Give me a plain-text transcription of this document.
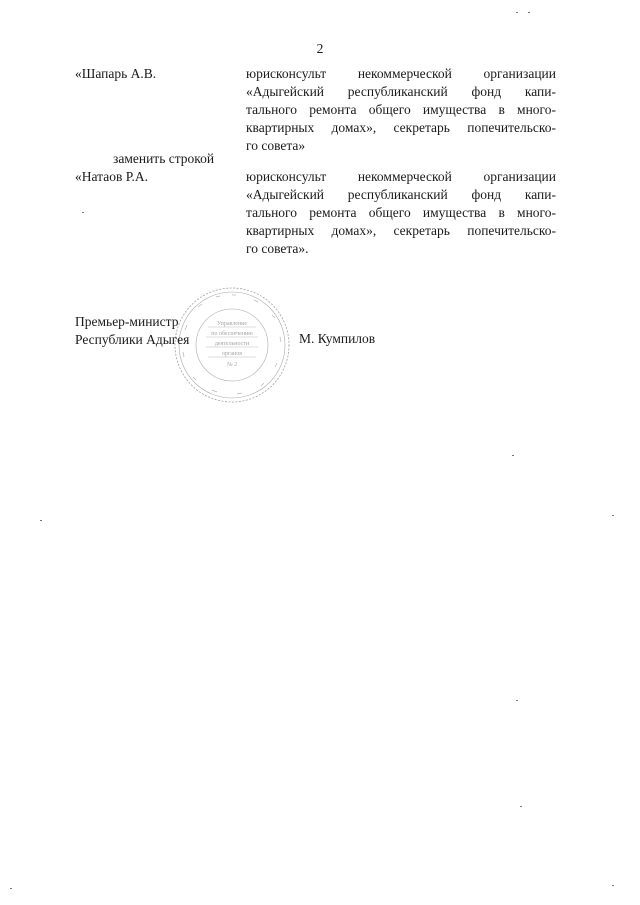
2
«Шапарь А.В.	юрисконсульт некоммерческой организации
«Адыгейский республиканский фонд капи-
тального ремонта общего имущества в много-
квартирных домах», секретарь попечительско-
го совета»
заменить строкой
«Натаов Р.А.	юрисконсульт некоммерческой организации
«Адыгейский республиканский фонд капи-
тального ремонта общего имущества в много-
квартирных домах», секретарь попечительско-
го совета».
Управление
по обеспечению
деятельности
органов
№ 2
Премьер-министр
Республики Адыгея	М. Кумпилов
